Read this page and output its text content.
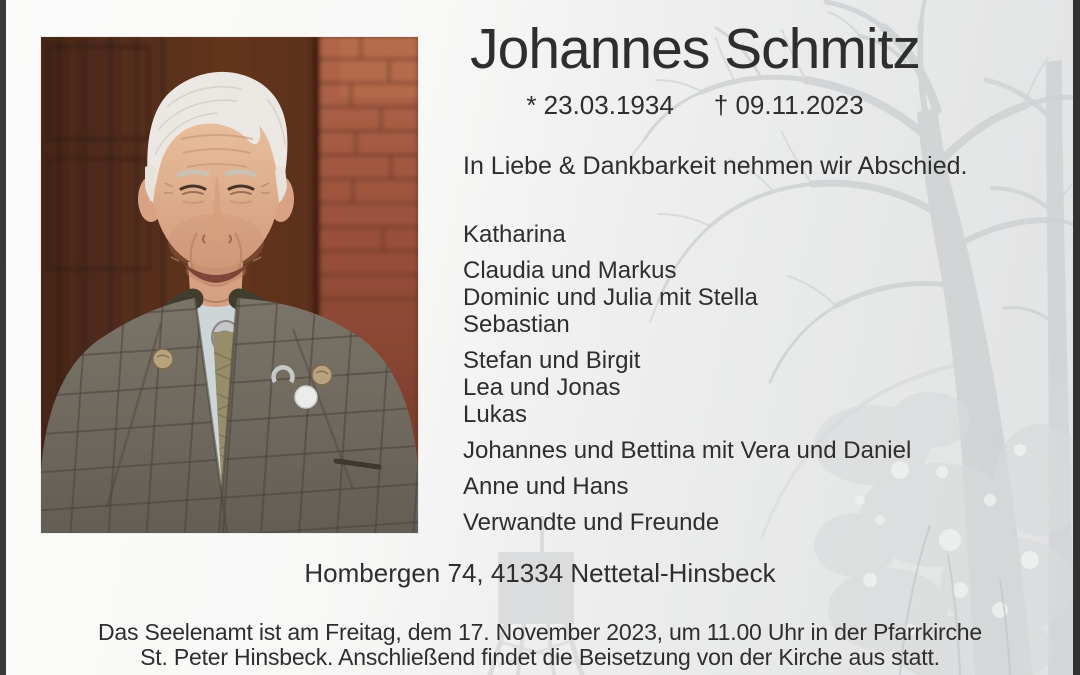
Johannes Schmitz
* 23.03.1934 † 09.11.2023

In Liebe & Dankbarkeit nehmen wir Abschied.

Katharina

Claudia und Markus

Dominic und Julia mit Stella

Sebastian

Stefan und Birgit

Lea und Jonas

Lukas

Johannes und Bettina mit Vera und Daniel

Anne und Hans

Verwandte und Freunde

Hombergen 74, 41334 Nettetal-Hinsbeck

Das Seelenamt ist am Freitag, dem 17. November 2023, um 11.00 Uhr in der Pfarrkirche

St. Peter Hinsbeck. Anschließend findet die Beisetzung von der Kirche aus statt.
